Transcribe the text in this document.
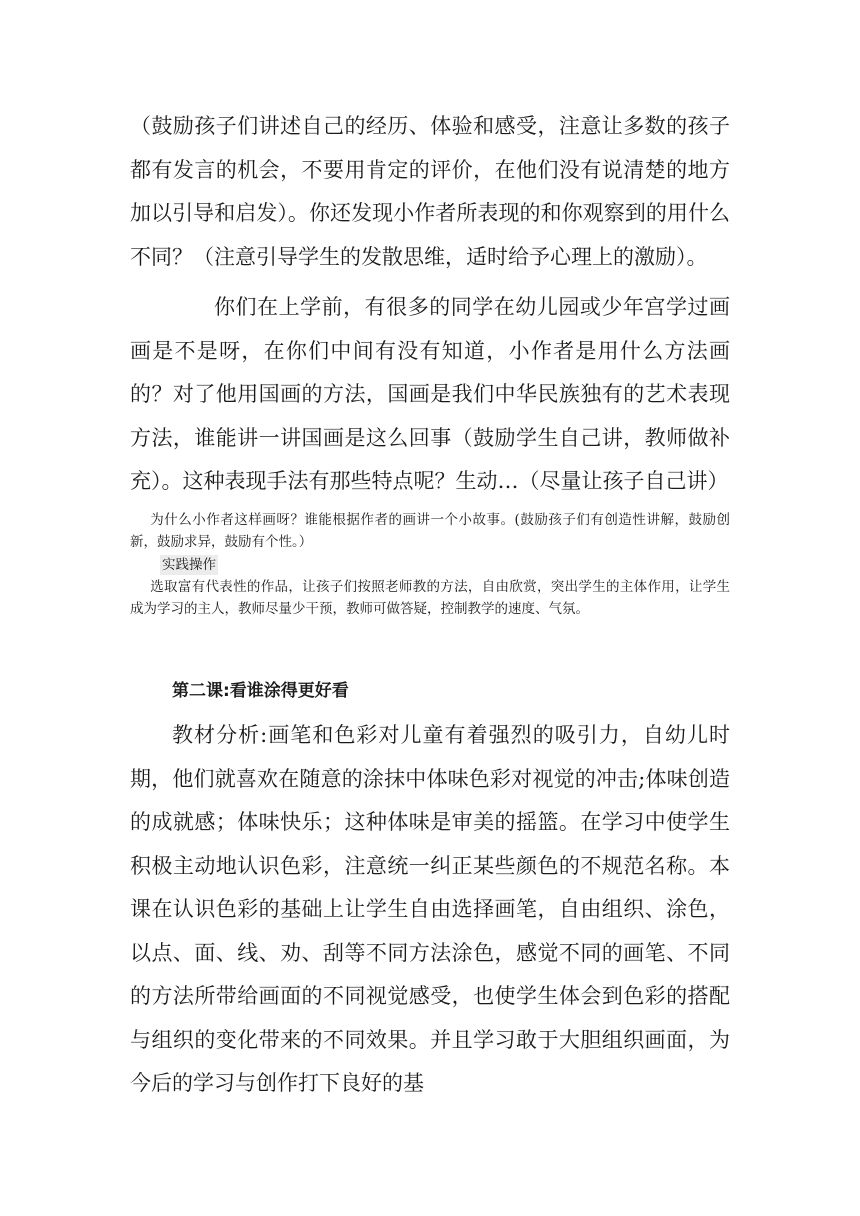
（鼓励孩子们讲述自己的经历、体验和感受，注意让多数的孩子都有发言的机会，不要用肯定的评价，在他们没有说清楚的地方加以引导和启发）。你还发现小作者所表现的和你观察到的用什么不同？（注意引导学生的发散思维，适时给予心理上的激励）。

你们在上学前，有很多的同学在幼儿园或少年宫学过画画是不是呀，在你们中间有没有知道，小作者是用什么方法画的？对了他用国画的方法，国画是我们中华民族独有的艺术表现方法，谁能讲一讲国画是这么回事（鼓励学生自己讲，教师做补充）。这种表现手法有那些特点呢？生动…（尽量让孩子自己讲）

为什么小作者这样画呀？谁能根据作者的画讲一个小故事。(鼓励孩子们有创造性讲解，鼓励创新，鼓励求异，鼓励有个性。）

实践操作

选取富有代表性的作品，让孩子们按照老师教的方法，自由欣赏，突出学生的主体作用，让学生成为学习的主人，教师尽量少干预，教师可做答疑，控制教学的速度、气氛。

第二课:看谁涂得更好看

教材分析:画笔和色彩对儿童有着强烈的吸引力，自幼儿时期，他们就喜欢在随意的涂抹中体味色彩对视觉的冲击;体味创造的成就感；体味快乐；这种体味是审美的摇篮。在学习中使学生积极主动地认识色彩，注意统一纠正某些颜色的不规范名称。本课在认识色彩的基础上让学生自由选择画笔，自由组织、涂色，以点、面、线、劝、刮等不同方法涂色，感觉不同的画笔、不同的方法所带给画面的不同视觉感受，也使学生体会到色彩的搭配与组织的变化带来的不同效果。并且学习敢于大胆组织画面，为今后的学习与创作打下良好的基
